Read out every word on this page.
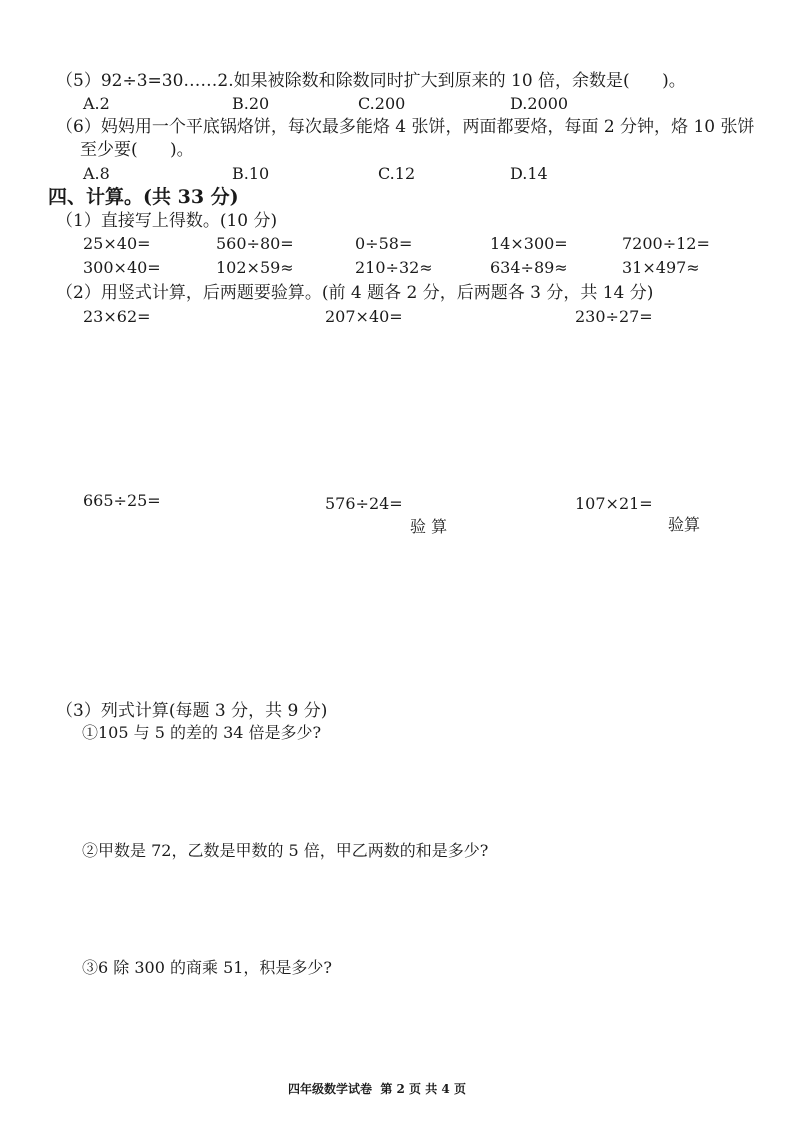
（5）92÷3=30……2.如果被除数和除数同时扩大到原来的 10 倍，余数是(      )。
A.2	B.20	C.200	D.2000
（6）妈妈用一个平底锅烙饼，每次最多能烙 4 张饼，两面都要烙，每面 2 分钟，烙 10 张饼
至少要(      )。
A.8	B.10	C.12	D.14
四、计算。(共 33 分)
（1）直接写上得数。(10 分)
25×40=	560÷80=	0÷58=	14×300=	7200÷12=
300×40=	102×59≈	210÷32≈	634÷89≈	31×497≈
（2）用竖式计算，后两题要验算。(前 4 题各 2 分，后两题各 3 分，共 14 分)
23×62=	207×40=	230÷27=
665÷25=	576÷24=	107×21=
验 算	验算
（3）列式计算(每题 3 分，共 9 分)
①105 与 5 的差的 34 倍是多少?
②甲数是 72，乙数是甲数的 5 倍，甲乙两数的和是多少?
③6 除 300 的商乘 51，积是多少?
四年级数学试卷  第 2 页 共 4 页
